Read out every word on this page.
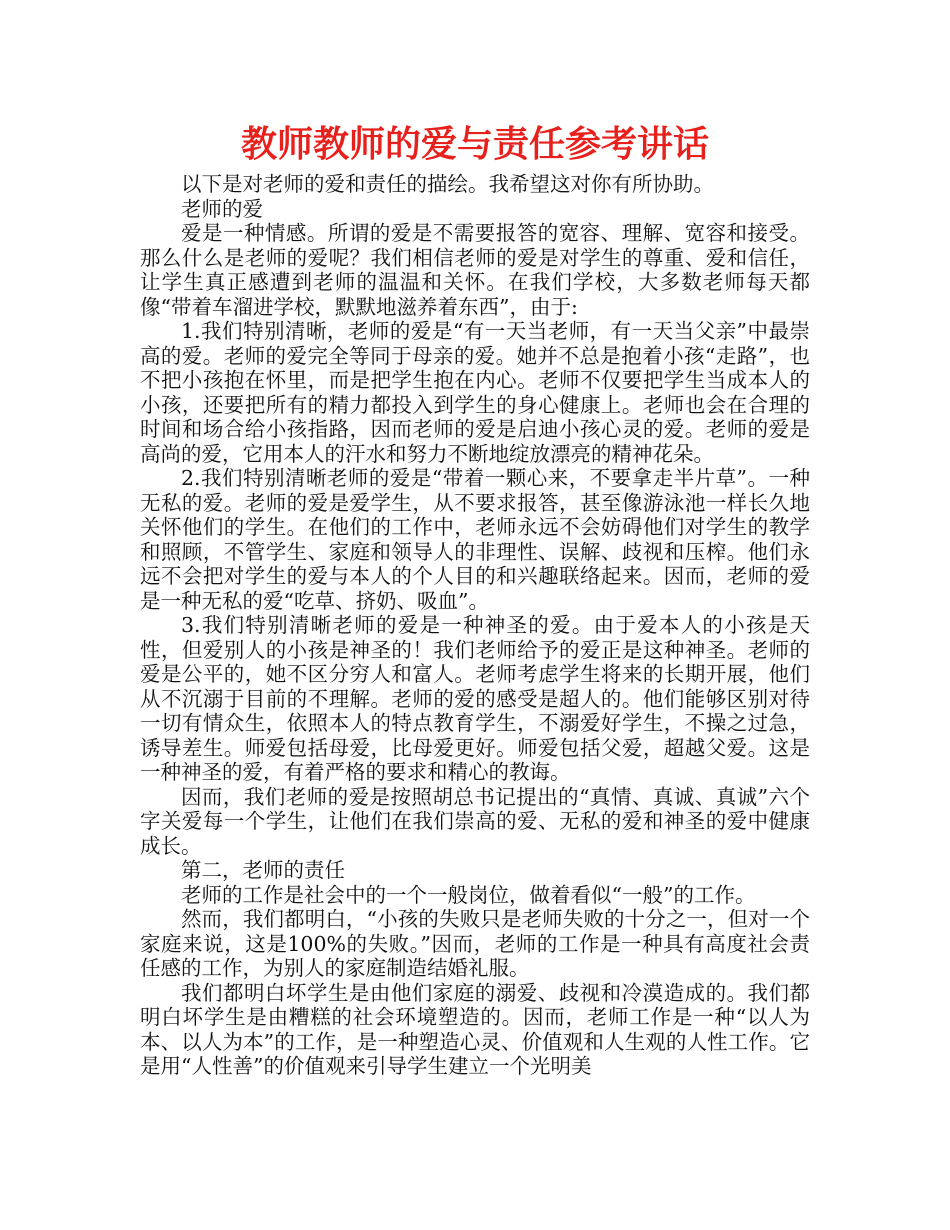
教师教师的爱与责任参考讲话

以下是对老师的爱和责任的描绘。我希望这对你有所协助。

老师的爱

爱是一种情感。所谓的爱是不需要报答的宽容、理解、宽容和接受。那么什么是老师的爱呢？我们相信老师的爱是对学生的尊重、爱和信任，让学生真正感遭到老师的温温和关怀。在我们学校，大多数老师每天都像“带着车溜进学校，默默地滋养着东西”，由于:

1.我们特别清晰，老师的爱是“有一天当老师，有一天当父亲”中最崇高的爱。老师的爱完全等同于母亲的爱。她并不总是抱着小孩“走路”，也不把小孩抱在怀里，而是把学生抱在内心。老师不仅要把学生当成本人的小孩，还要把所有的精力都投入到学生的身心健康上。老师也会在合理的时间和场合给小孩指路，因而老师的爱是启迪小孩心灵的爱。老师的爱是高尚的爱，它用本人的汗水和努力不断地绽放漂亮的精神花朵。

2.我们特别清晰老师的爱是“带着一颗心来，不要拿走半片草”。一种无私的爱。老师的爱是爱学生，从不要求报答，甚至像游泳池一样长久地关怀他们的学生。在他们的工作中，老师永远不会妨碍他们对学生的教学和照顾，不管学生、家庭和领导人的非理性、误解、歧视和压榨。他们永远不会把对学生的爱与本人的个人目的和兴趣联络起来。因而，老师的爱是一种无私的爱“吃草、挤奶、吸血”。

3.我们特别清晰老师的爱是一种神圣的爱。由于爱本人的小孩是天性，但爱别人的小孩是神圣的！我们老师给予的爱正是这种神圣。老师的爱是公平的，她不区分穷人和富人。老师考虑学生将来的长期开展，他们从不沉溺于目前的不理解。老师的爱的感受是超人的。他们能够区别对待一切有情众生，依照本人的特点教育学生，不溺爱好学生，不操之过急，诱导差生。师爱包括母爱，比母爱更好。师爱包括父爱，超越父爱。这是一种神圣的爱，有着严格的要求和精心的教诲。

因而，我们老师的爱是按照胡总书记提出的“真情、真诚、真诚”六个字关爱每一个学生，让他们在我们崇高的爱、无私的爱和神圣的爱中健康成长。

第二，老师的责任

老师的工作是社会中的一个一般岗位，做着看似“一般”的工作。

然而，我们都明白，“小孩的失败只是老师失败的十分之一，但对一个家庭来说，这是100%的失败。”因而，老师的工作是一种具有高度社会责任感的工作，为别人的家庭制造结婚礼服。

我们都明白坏学生是由他们家庭的溺爱、歧视和冷漠造成的。我们都明白坏学生是由糟糕的社会环境塑造的。因而，老师工作是一种“以人为本、以人为本”的工作，是一种塑造心灵、价值观和人生观的人性工作。它是用“人性善”的价值观来引导学生建立一个光明美
